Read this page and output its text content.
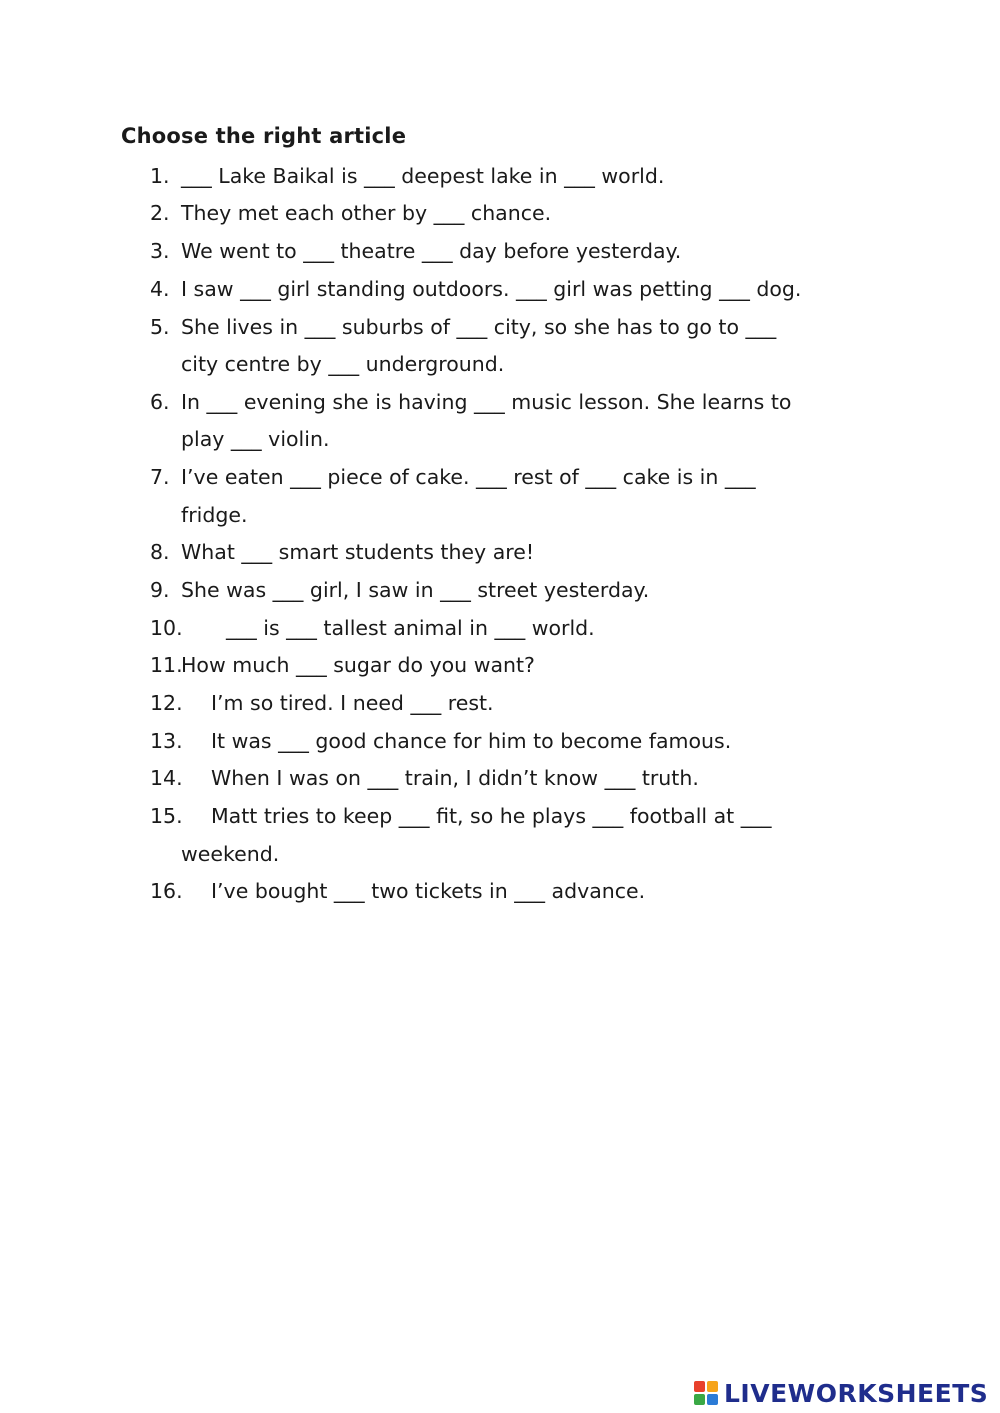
Choose the right article
1. ___ Lake Baikal is ___ deepest lake in ___ world.
2. They met each other by ___ chance.
3. We went to ___ theatre ___ day before yesterday.
4. I saw ___ girl standing outdoors. ___ girl was petting ___ dog.
5. She lives in ___ suburbs of ___ city, so she has to go to ___
city centre by ___ underground.
6. In ___ evening she is having ___ music lesson. She learns to
play ___ violin.
7. I’ve eaten ___ piece of cake. ___ rest of ___ cake is in ___
fridge.
8. What ___ smart students they are!
9. She was ___ girl, I saw in ___ street yesterday.
10. ___ is ___ tallest animal in ___ world.
11.
How much ___ sugar do you want?
12. I’m so tired. I need ___ rest.
13. It was ___ good chance for him to become famous.
14. When I was on ___ train, I didn’t know ___ truth.
15. Matt tries to keep ___ fit, so he plays ___ football at ___
weekend.
16. I’ve bought ___ two tickets in ___ advance.
LIVEWORKSHEETS
